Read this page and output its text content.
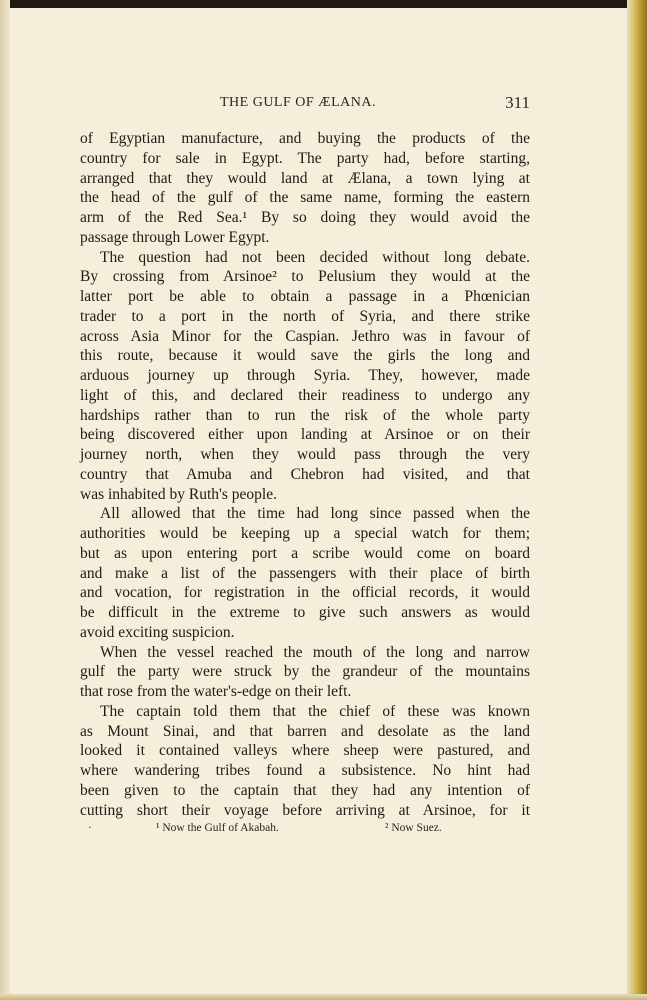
THE GULF OF ÆLANA.	311
of Egyptian manufacture, and buying the products of the
country for sale in Egypt. The party had, before starting,
arranged that they would land at Ælana, a town lying at
the head of the gulf of the same name, forming the eastern
arm of the Red Sea.¹ By so doing they would avoid the
passage through Lower Egypt.
The question had not been decided without long debate.
By crossing from Arsinoe² to Pelusium they would at the
latter port be able to obtain a passage in a Phœnician
trader to a port in the north of Syria, and there strike
across Asia Minor for the Caspian. Jethro was in favour of
this route, because it would save the girls the long and
arduous journey up through Syria. They, however, made
light of this, and declared their readiness to undergo any
hardships rather than to run the risk of the whole party
being discovered either upon landing at Arsinoe or on their
journey north, when they would pass through the very
country that Amuba and Chebron had visited, and that
was inhabited by Ruth's people.
All allowed that the time had long since passed when the
authorities would be keeping up a special watch for them;
but as upon entering port a scribe would come on board
and make a list of the passengers with their place of birth
and vocation, for registration in the official records, it would
be difficult in the extreme to give such answers as would
avoid exciting suspicion.
When the vessel reached the mouth of the long and narrow
gulf the party were struck by the grandeur of the mountains
that rose from the water's-edge on their left.
The captain told them that the chief of these was known
as Mount Sinai, and that barren and desolate as the land
looked it contained valleys where sheep were pastured, and
where wandering tribes found a subsistence. No hint had
been given to the captain that they had any intention of
cutting short their voyage before arriving at Arsinoe, for it
·	¹ Now the Gulf of Akabah.	² Now Suez.
